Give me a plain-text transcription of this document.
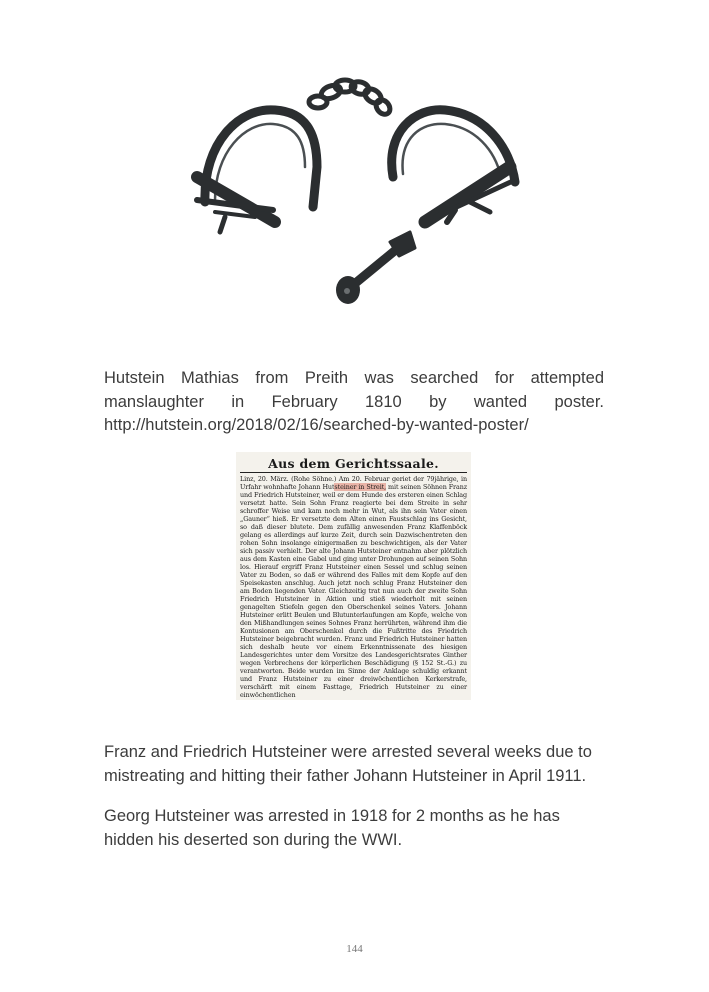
Hutstein Mathias from Preith was searched for attempted
manslaughter in February 1810 by wanted poster.
http://hutstein.org/2018/02/16/searched-by-wanted-poster/

Aus dem Gerichtssaale.
Linz, 20. März. (Rohe Söhne.) Am 20. Februar geriet der 79jährige, in Urfahr wohnhafte Johann Hutsteiner in Streit, mit seinen Söhnen Franz und Friedrich Hutsteiner, weil er dem Hunde des ersteren einen Schlag versetzt hatte. Sein Sohn Franz reagierte bei dem Streite in sehr schroffer Weise und kam noch mehr in Wut, als ihn sein Vater einen „Gauner“ hieß. Er versetzte dem Alten einen Faustschlag ins Gesicht, so daß dieser blutete. Dem zufällig anwesenden Franz Klaffenböck gelang es allerdings auf kurze Zeit, durch sein Dazwischentreten den rohen Sohn insolange einigermaßen zu beschwichtigen, als der Vater sich passiv verhielt. Der alte Johann Hutsteiner entnahm aber plötzlich aus dem Kasten eine Gabel und ging unter Drohungen auf seinen Sohn los. Hierauf ergriff Franz Hutsteiner einen Sessel und schlug seinen Vater zu Boden, so daß er während des Falles mit dem Kopfe auf den Speisekasten anschlug. Auch jetzt noch schlug Franz Hutsteiner den am Boden liegenden Vater. Gleichzeitig trat nun auch der zweite Sohn Friedrich Hutsteiner in Aktion und stieß wiederholt mit seinen genagelten Stiefeln gegen den Oberschenkel seines Vaters. Johann Hutsteiner erlitt Beulen und Blutunterlaufungen am Kopfe, welche von den Mißhandlungen seines Sohnes Franz herrührten, während ihm die Kontusionen am Oberschenkel durch die Fußtritte des Friedrich Hutsteiner beigebracht wurden. Franz und Friedrich Hutsteiner hatten sich deshalb heute vor einem Erkenntnissenate des hiesigen Landesgerichtes unter dem Vorsitze des Landesgerichtsrates Ginther wegen Verbrechens der körperlichen Beschädigung (§ 152 St.-G.) zu verantworten. Beide wurden im Sinne der Anklage schuldig erkannt und Franz Hutsteiner zu einer dreiwöchentlichen Kerkerstrafe, verschärft mit einem Fasttage, Friedrich Hutsteiner zu einer einwöchentlichen

Franz and Friedrich Hutsteiner were arrested several weeks due to mistreating and hitting their father Johann Hutsteiner in April 1911.

Georg Hutsteiner was arrested in 1918 for 2 months as he has hidden his deserted son during the WWI.

144
